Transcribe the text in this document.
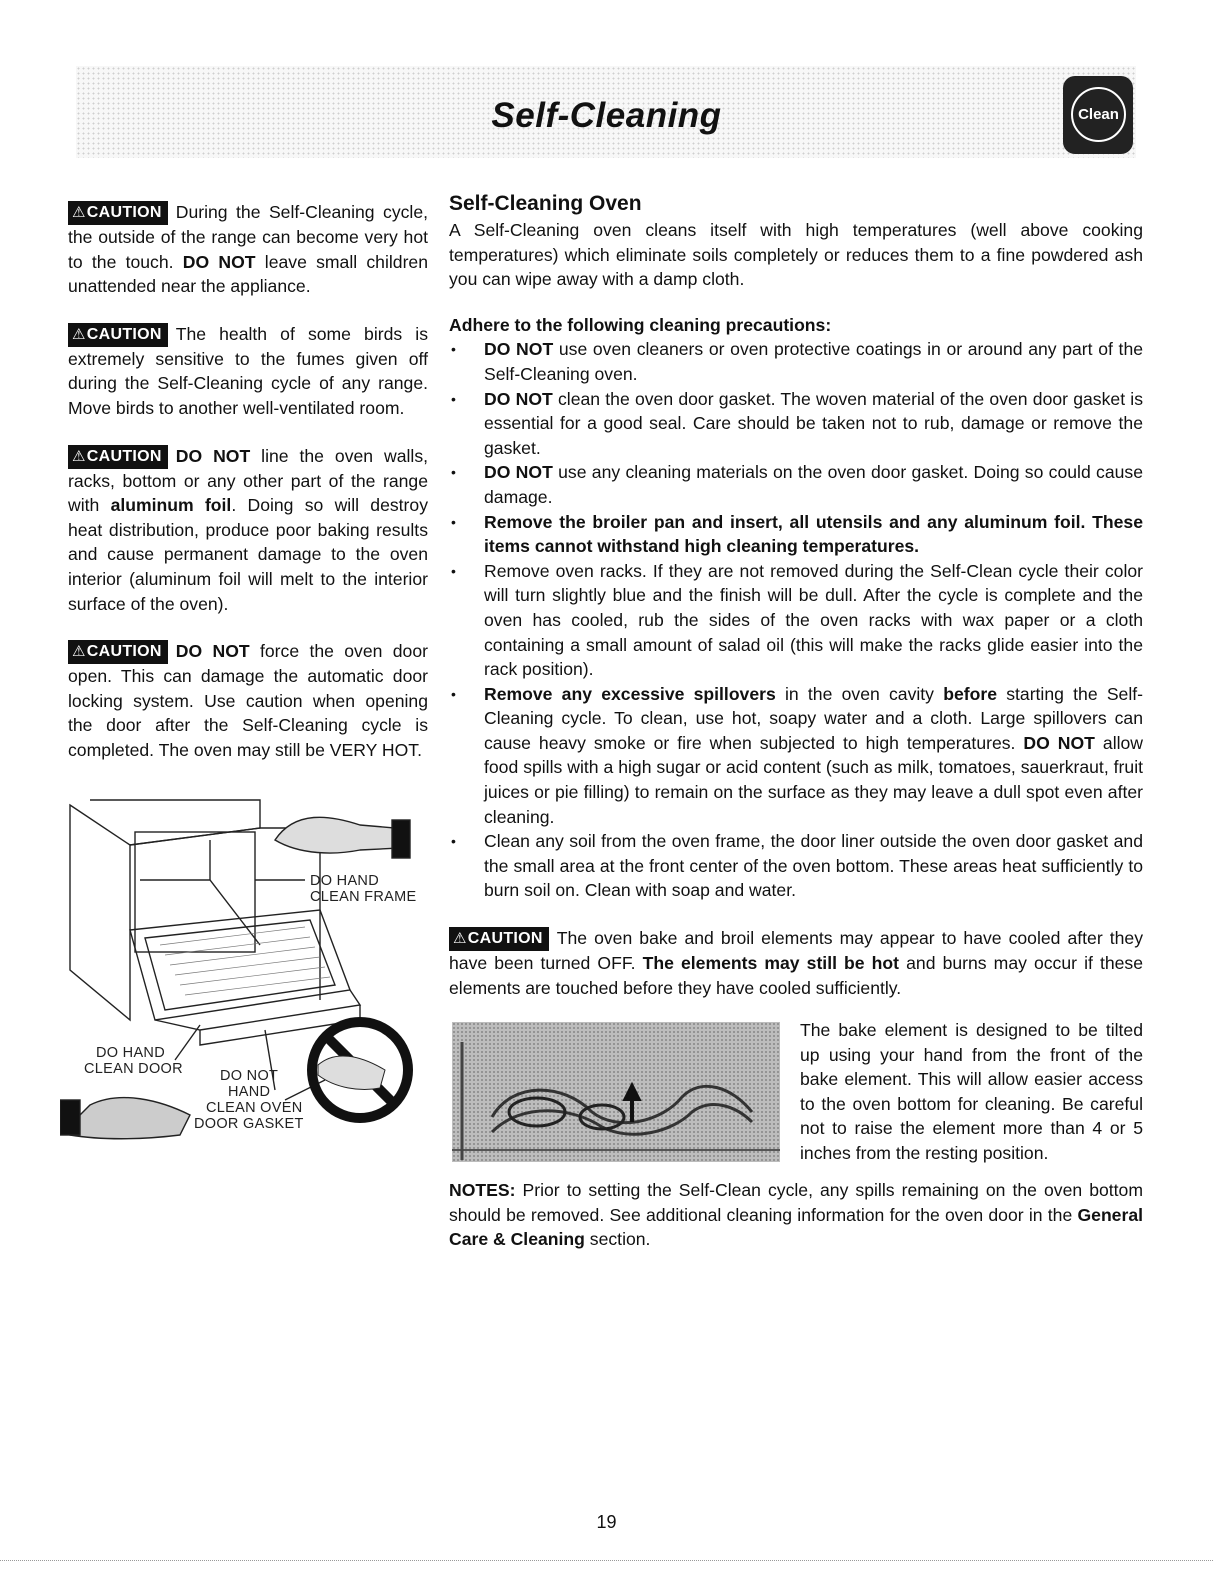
Self-Cleaning	Clean

⚠CAUTION During the Self-Cleaning cycle, the outside of the range can become very hot to the touch. DO NOT leave small children unattended near the appliance.

⚠CAUTION The health of some birds is extremely sensitive to the fumes given off during the Self-Cleaning cycle of any range. Move birds to another well-ventilated room.

⚠CAUTION DO NOT line the oven walls, racks, bottom or any other part of the range with aluminum foil. Doing so will destroy heat distribution, produce poor baking results and cause permanent damage to the oven interior (aluminum foil will melt to the interior surface of the oven).

⚠CAUTION DO NOT force the oven door open. This can damage the automatic door locking system. Use caution when opening the door after the Self-Cleaning cycle is completed. The oven may still be VERY HOT.

DO HAND
CLEAN FRAME
DO HAND
CLEAN DOOR	DO NOT
HAND
CLEAN OVEN
DOOR GASKET
Self-Cleaning Oven

A Self-Cleaning oven cleans itself with high temperatures (well above cooking temperatures) which eliminate soils completely or reduces them to a fine powdered ash you can wipe away with a damp cloth.

Adhere to the following cleaning precautions:
• DO NOT use oven cleaners or oven protective coatings in or around any part of the Self-Cleaning oven.
• DO NOT clean the oven door gasket. The woven material of the oven door gasket is essential for a good seal. Care should be taken not to rub, damage or remove the gasket.
• DO NOT use any cleaning materials on the oven door gasket. Doing so could cause damage.
• Remove the broiler pan and insert, all utensils and any aluminum foil. These items cannot withstand high cleaning temperatures.
• Remove oven racks. If they are not removed during the Self-Clean cycle their color will turn slightly blue and the finish will be dull. After the cycle is complete and the oven has cooled, rub the sides of the oven racks with wax paper or a cloth containing a small amount of salad oil (this will make the racks glide easier into the rack position).
• Remove any excessive spillovers in the oven cavity before starting the Self-Cleaning cycle. To clean, use hot, soapy water and a cloth. Large spillovers can cause heavy smoke or fire when subjected to high temperatures. DO NOT allow food spills with a high sugar or acid content (such as milk, tomatoes, sauerkraut, fruit juices or pie filling) to remain on the surface as they may leave a dull spot even after cleaning.
• Clean any soil from the oven frame, the door liner outside the oven door gasket and the small area at the front center of the oven bottom. These areas heat sufficiently to burn soil on. Clean with soap and water.

⚠CAUTION The oven bake and broil elements may appear to have cooled after they have been turned OFF. The elements may still be hot and burns may occur if these elements are touched before they have cooled sufficiently.

The bake element is designed to be tilted up using your hand from the front of the bake element. This will allow easier access to the oven bottom for cleaning. Be careful not to raise the element more than 4 or 5 inches from the resting position.

NOTES: Prior to setting the Self-Clean cycle, any spills remaining on the oven bottom should be removed. See additional cleaning information for the oven door in the General Care & Cleaning section.

19
